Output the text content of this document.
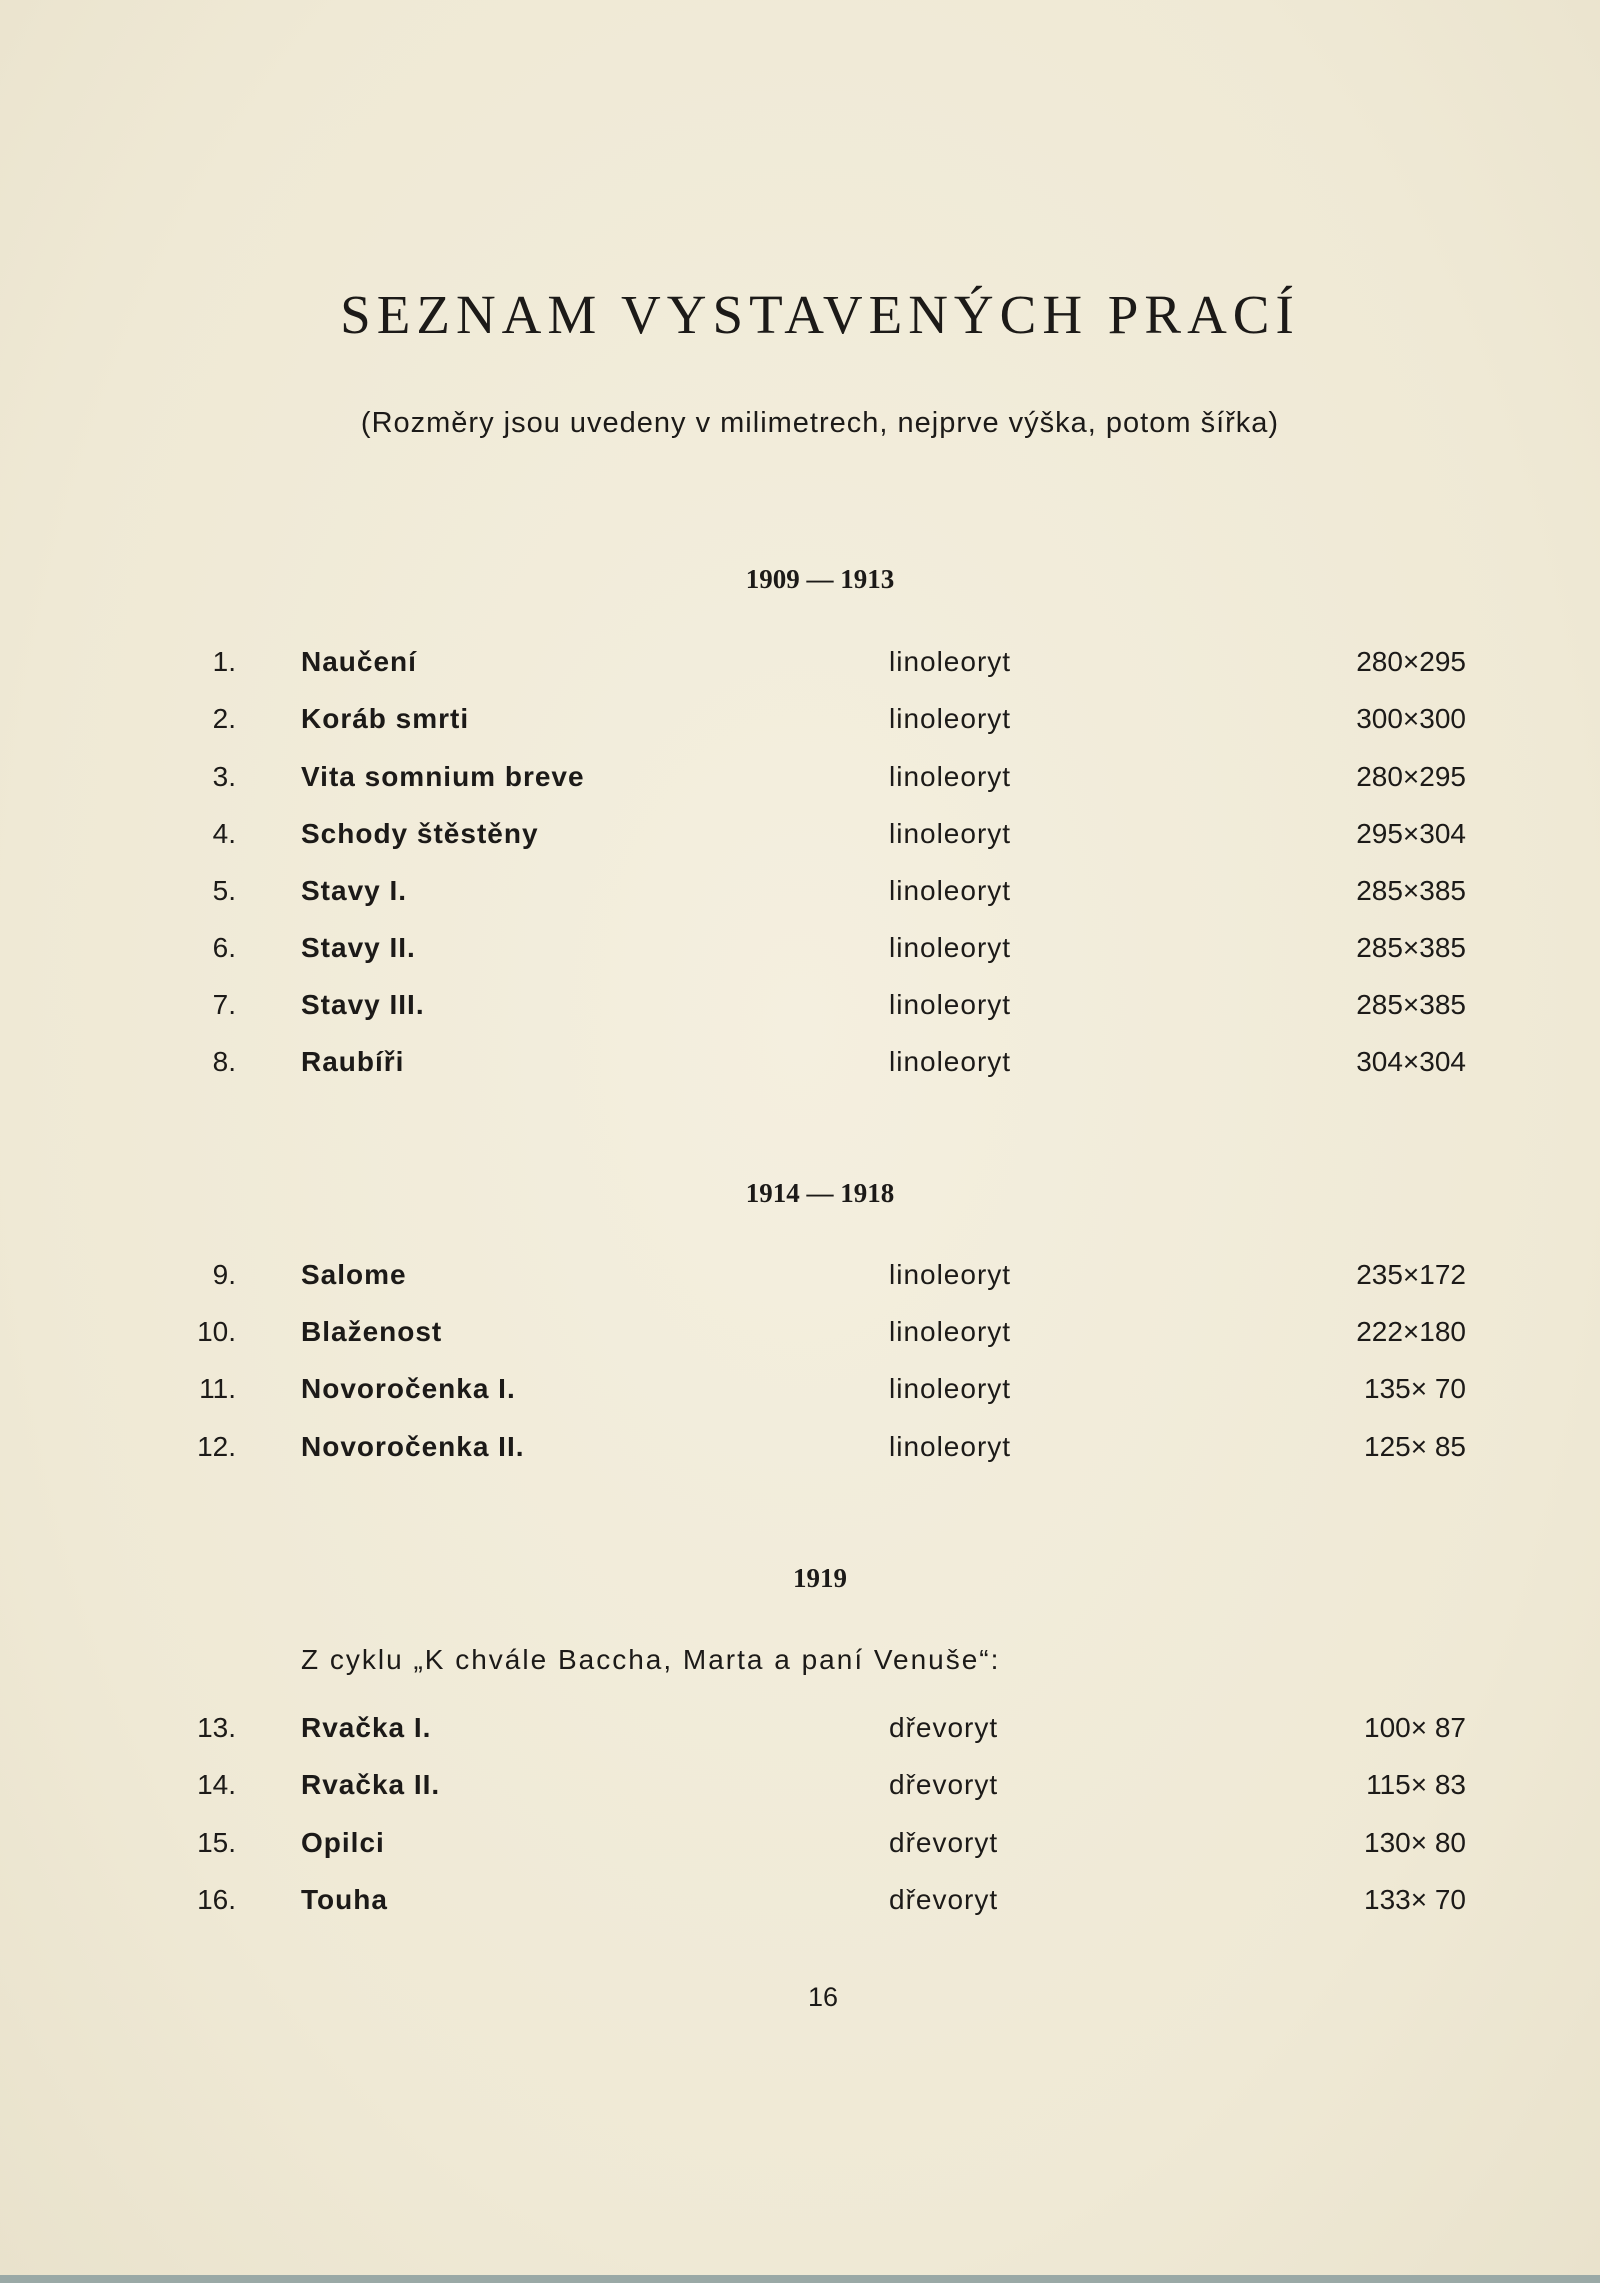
SEZNAM VYSTAVENÝCH PRACÍ
(Rozměry jsou uvedeny v milimetrech, nejprve výška, potom šířka)
1909 — 1913
1. Naučení	linoleoryt	280×295
2. Koráb smrti	linoleoryt	300×300
3. Vita somnium breve	linoleoryt	280×295
4. Schody štěstěny	linoleoryt	295×304
5. Stavy I.	linoleoryt	285×385
6. Stavy II.	linoleoryt	285×385
7. Stavy III.	linoleoryt	285×385
8. Raubíři	linoleoryt	304×304
1914 — 1918
9. Salome	linoleoryt	235×172
10. Blaženost	linoleoryt	222×180
11. Novoročenka I.	linoleoryt	135× 70
12. Novoročenka II.	linoleoryt	125× 85
1919
Z cyklu „K chvále Baccha, Marta a paní Venuše“:
13. Rvačka I.	dřevoryt	100× 87
14. Rvačka II.	dřevoryt	115× 83
15. Opilci	dřevoryt	130× 80
16. Touha	dřevoryt	133× 70
16
